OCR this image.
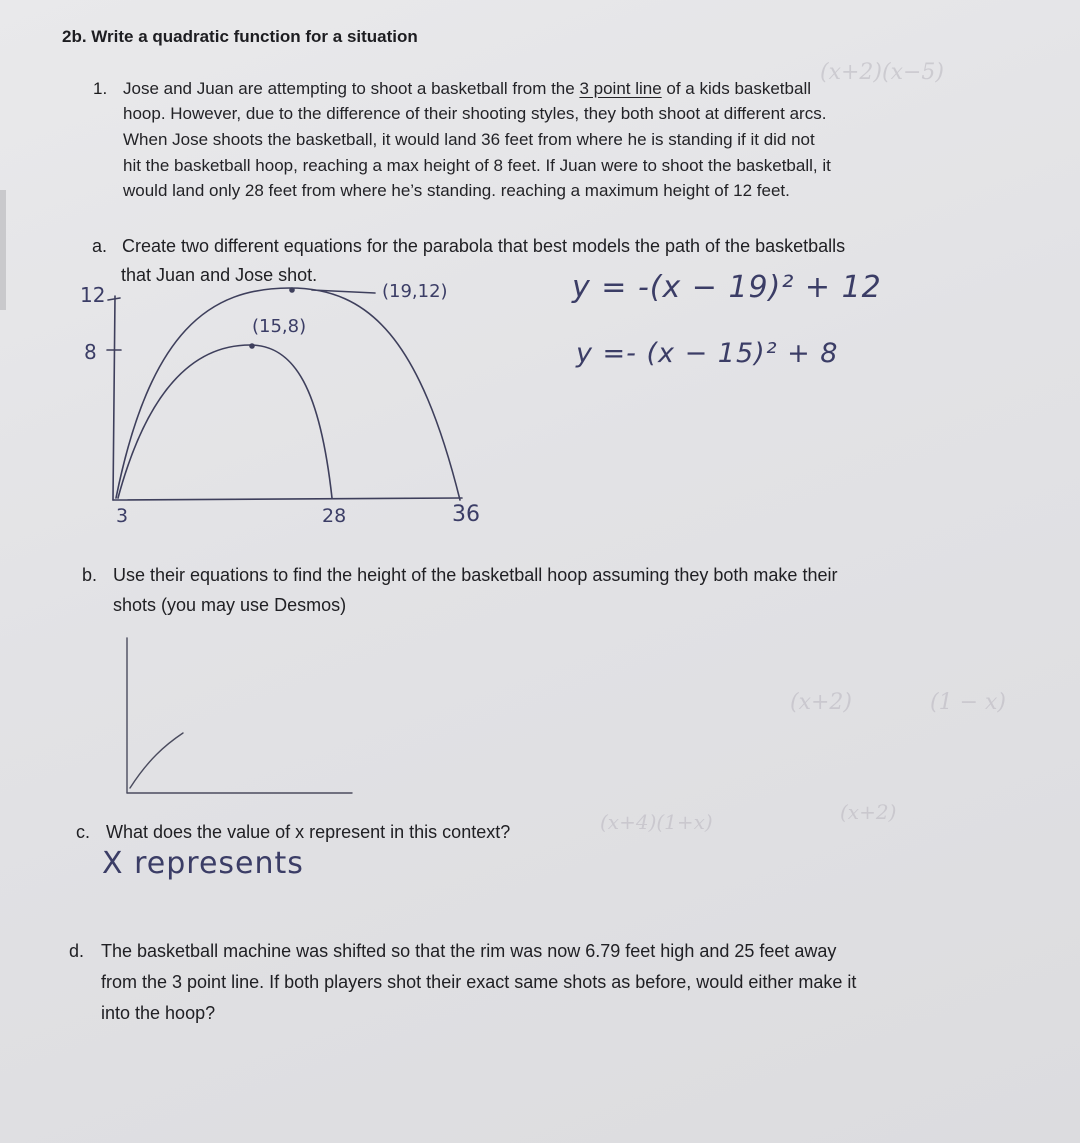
(x+2)(x−5)
(x+2)	(1 − x)
(x+2)
(x+4)(1+x)
2b. Write a quadratic function for a situation
1. Jose and Juan are attempting to shoot a basketball from the 3 point line of a kids basketball
hoop. However, due to the difference of their shooting styles, they both shoot at different arcs.
When Jose shoots the basketball, it would land 36 feet from where he is standing if it did not
hit the basketball hoop, reaching a max height of 8 feet. If Juan were to shoot the basketball, it
would land only 28 feet from where he’s standing. reaching a maximum height of 12 feet.
a. Create two different equations for the parabola that best models the path of the basketballs
that Juan and Jose shot.	y = -(x − 19)² + 12
y =- (x − 15)² + 8
12
8
3	28	36
(19,12)
(15,8)
b. Use their equations to find the height of the basketball hoop assuming they both make their
shots (you may use Desmos)
c. What does the value of x represent in this context?
X represents
d. The basketball machine was shifted so that the rim was now 6.79 feet high and 25 feet away
from the 3 point line. If both players shot their exact same shots as before, would either make it
into the hoop?
